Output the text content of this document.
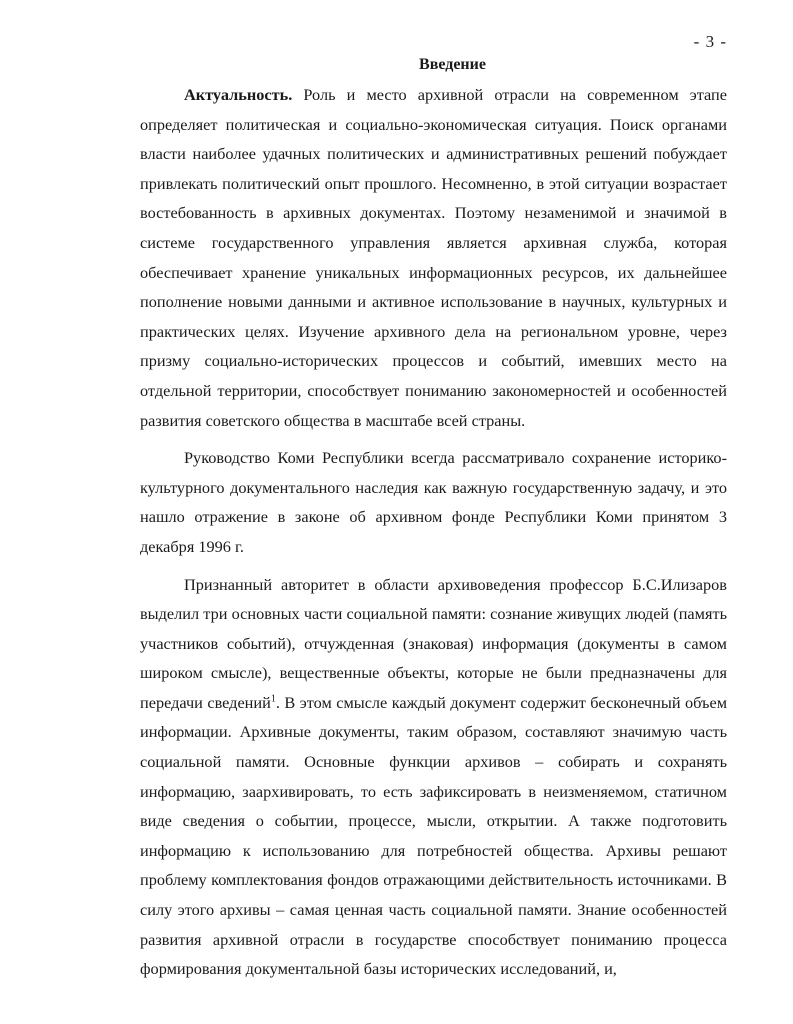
- 3 -
Введение

Актуальность. Роль и место архивной отрасли на современном этапе определяет политическая и социально-экономическая ситуация. Поиск органами власти наиболее удачных политических и административных решений побуждает привлекать политический опыт прошлого. Несомненно, в этой ситуации возрастает востебованность в архивных документах. Поэтому незаменимой и значимой в системе государственного управления является архивная служба, которая обеспечивает хранение уникальных информационных ресурсов, их дальнейшее пополнение новыми данными и активное использование в научных, культурных и практических целях. Изучение архивного дела на региональном уровне, через призму социально-исторических процессов и событий, имевших место на отдельной территории, способствует пониманию закономерностей и особенностей развития советского общества в масштабе всей страны.

Руководство Коми Республики всегда рассматривало сохранение историко-культурного документального наследия как важную государственную задачу, и это нашло отражение в законе об архивном фонде Республики Коми принятом 3 декабря 1996 г.

Признанный авторитет в области архивоведения профессор Б.С.Илизаров выделил три основных части социальной памяти: сознание живущих людей (память участников событий), отчужденная (знаковая) информация (документы в самом широком смысле), вещественные объекты, которые не были предназначены для передачи сведений$^1$. В этом смысле каждый документ содержит бесконечный объем информации. Архивные документы, таким образом, составляют значимую часть социальной памяти. Основные функции архивов – собирать и сохранять информацию, заархивировать, то есть зафиксировать в неизменяемом, статичном виде сведения о событии, процессе, мысли, открытии. А также подготовить информацию к использованию для потребностей общества. Архивы решают проблему комплектования фондов отражающими действительность источниками. В силу этого архивы – самая ценная часть социальной памяти. Знание особенностей развития архивной отрасли в государстве способствует пониманию процесса формирования документальной базы исторических исследований, и,
